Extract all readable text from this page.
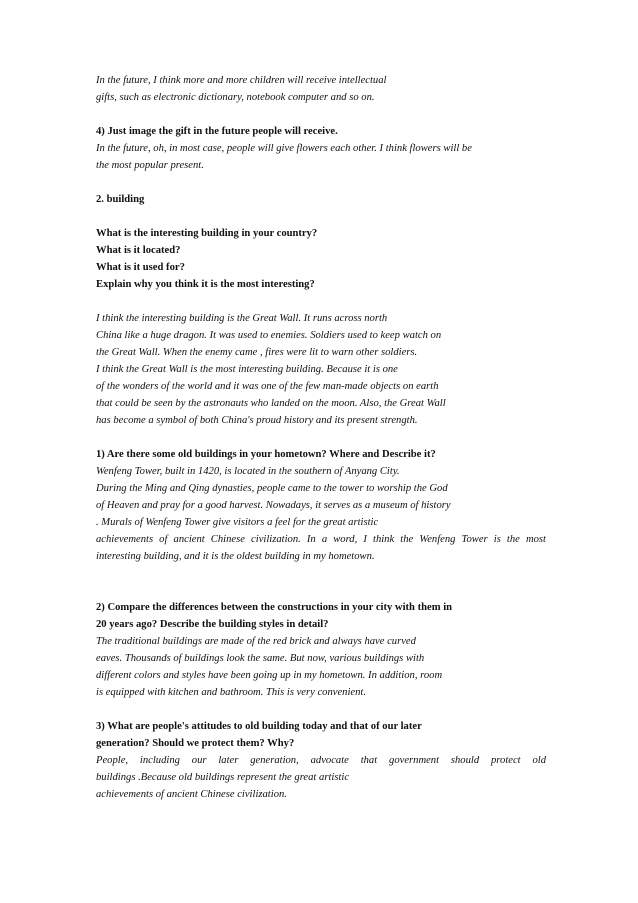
In the future, I think more and more children will receive intellectual

gifts, such as electronic dictionary, notebook computer and so on.

4) Just image the gift in the future people will receive.

In the future, oh, in most case, people will give flowers each other. I think flowers will be

the most popular present.

2. building

What is the interesting building in your country?

What is it located?

What is it used for?

Explain why you think it is the most interesting?

I think the interesting building is the Great Wall. It runs across north

China like a huge dragon. It was used to enemies. Soldiers used to keep watch on

the Great Wall. When the enemy came , fires were lit to warn other soldiers.

I think the Great Wall is the most interesting building. Because it is one

of the wonders of the world and it was one of the few man-made objects on earth

that could be seen by the astronauts who landed on the moon. Also, the Great Wall

has become a symbol of both China's proud history and its present strength.

1) Are there some old buildings in your hometown? Where and Describe it?

Wenfeng Tower, built in 1420, is located in the southern of Anyang City.

During the Ming and Qing dynasties, people came to the tower to worship the God

of Heaven and pray for a good harvest. Nowadays, it serves as a museum of history

. Murals of Wenfeng Tower give visitors a feel for the great artistic

achievements of ancient Chinese civilization. In a word, I think the Wenfeng Tower is the most

interesting building, and it is the oldest building in my hometown.

2) Compare the differences between the constructions in your city with them in

20 years ago? Describe the building styles in detail?

The traditional buildings are made of the red brick and always have curved

eaves. Thousands of buildings look the same. But now, various buildings with

different colors and styles have been going up in my hometown. In addition, room

is equipped with kitchen and bathroom. This is very convenient.

3) What are people's attitudes to old building today and that of our later

generation? Should we protect them? Why?

People, including our later generation, advocate that government should protect old

buildings .Because old buildings represent the great artistic

achievements of ancient Chinese civilization.
